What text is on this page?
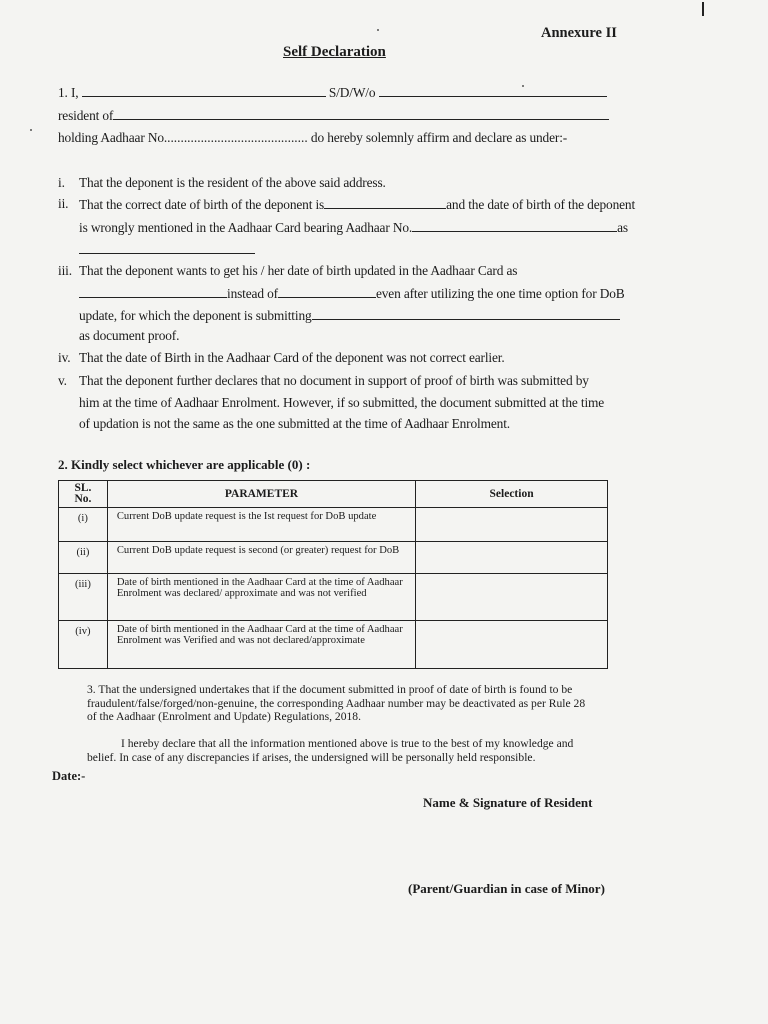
Annexure II
Self Declaration
1. I,	S/D/W/o
resident of
holding Aadhaar No........................................... do hereby solemnly affirm and declare as under:-
i. That the deponent is the resident of the above said address.
ii. That the correct date of birth of the deponent is	and the date of birth of the deponent
is wrongly mentioned in the Aadhaar Card bearing Aadhaar No.	as
iii. That the deponent wants to get his / her date of birth updated in the Aadhaar Card as
instead of	even after utilizing the one time option for DoB
update, for which the deponent is submitting
as document proof.
iv. That the date of Birth in the Aadhaar Card of the deponent was not correct earlier.
v. That the deponent further declares that no document in support of proof of birth was submitted by
him at the time of Aadhaar Enrolment. However, if so submitted, the document submitted at the time
of updation is not the same as the one submitted at the time of Aadhaar Enrolment.
2. Kindly select whichever are applicable (0) :
SL. No.	PARAMETER	Selection
(i)	Current DoB update request is the Ist request for DoB update	
(ii)	Current DoB update request is second (or greater) request for DoB	
(iii)	Date of birth mentioned in the Aadhaar Card at the time of Aadhaar Enrolment was declared/ approximate and was not verified	
(iv)	Date of birth mentioned in the Aadhaar Card at the time of Aadhaar Enrolment was Verified and was not declared/approximate	
3. That the undersigned undertakes that if the document submitted in proof of date of birth is found to be fraudulent/false/forged/non-genuine, the corresponding Aadhaar number may be deactivated as per Rule 28 of the Aadhaar (Enrolment and Update) Regulations, 2018.
I hereby declare that all the information mentioned above is true to the best of my knowledge and belief. In case of any discrepancies if arises, the undersigned will be personally held responsible.
Date:-
Name & Signature of Resident
(Parent/Guardian in case of Minor)
